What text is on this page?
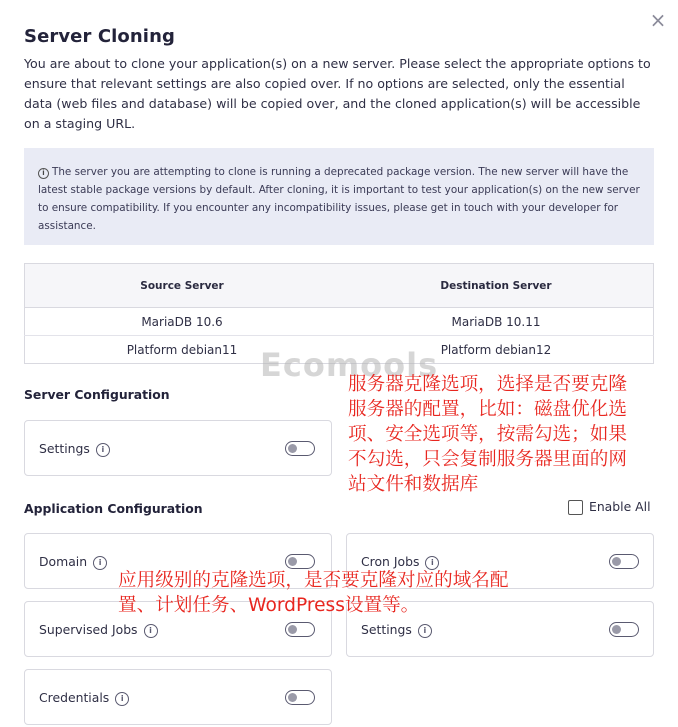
×
Server Cloning
You are about to clone your application(s) on a new server. Please select the appropriate options to ensure that relevant settings are also copied over. If no options are selected, only the essential data (web files and database) will be copied over, and the cloned application(s) will be accessible on a staging URL.
i The server you are attempting to clone is running a deprecated package version. The new server will have the latest stable package versions by default. After cloning, it is important to test your application(s) on the new server to ensure compatibility. If you encounter any incompatibility issues, please get in touch with your developer for assistance.
Source Server	Destination Server
MariaDB 10.6	MariaDB 10.11
Platform debian11	Platform debian12
Ecomools
Server Configuration
Settings i
Application Configuration	Enable All
Domain i	Cron Jobs i
Supervised Jobs i	Settings i
Credentials i
服务器克隆选项，选择是否要克隆
服务器的配置，比如：磁盘优化选
项、安全选项等，按需勾选；如果
不勾选，只会复制服务器里面的网
站文件和数据库
应用级别的克隆选项，是否要克隆对应的域名配
置、计划任务、WordPress设置等。
